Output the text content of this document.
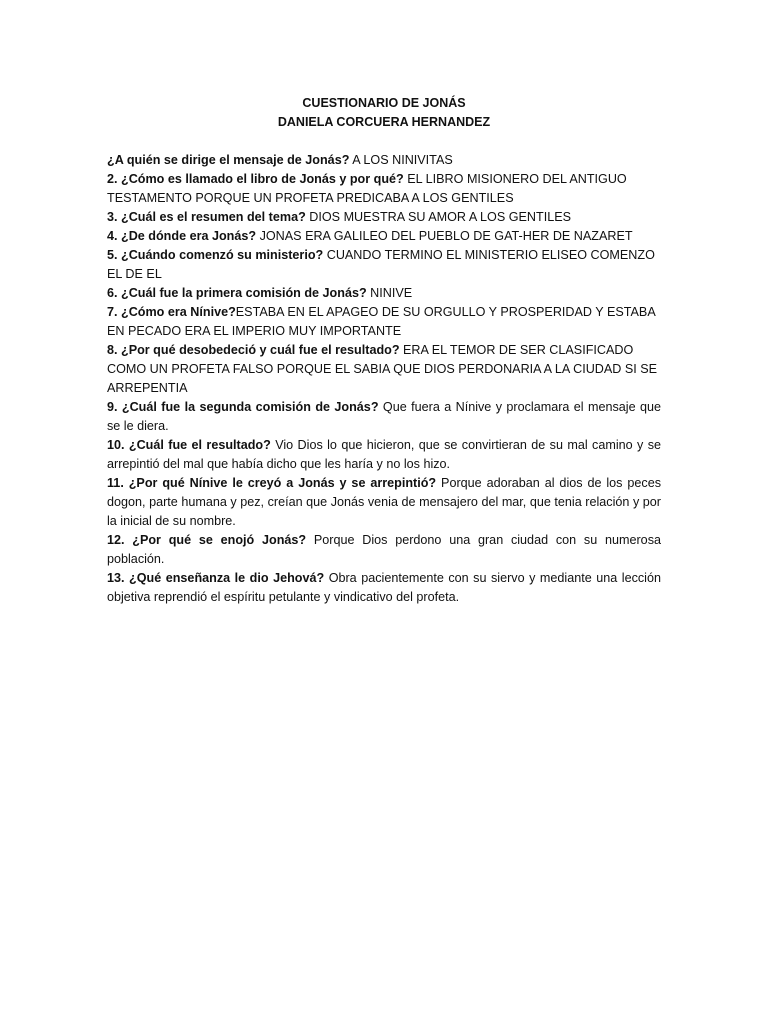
CUESTIONARIO DE JONÁS
DANIELA CORCUERA HERNANDEZ

¿A quién se dirige el mensaje de Jonás? A LOS NINIVITAS

2. ¿Cómo es llamado el libro de Jonás y por qué? EL LIBRO MISIONERO DEL ANTIGUO TESTAMENTO PORQUE UN PROFETA PREDICABA A LOS GENTILES

3. ¿Cuál es el resumen del tema? DIOS MUESTRA SU AMOR A LOS GENTILES

4. ¿De dónde era Jonás? JONAS ERA GALILEO DEL PUEBLO DE GAT-HER DE NAZARET

5. ¿Cuándo comenzó su ministerio? CUANDO TERMINO EL MINISTERIO ELISEO COMENZO EL DE EL

6. ¿Cuál fue la primera comisión de Jonás? NINIVE

7. ¿Cómo era Nínive?ESTABA EN EL APAGEO DE SU ORGULLO Y PROSPERIDAD Y ESTABA EN PECADO ERA EL IMPERIO MUY IMPORTANTE

8. ¿Por qué desobedeció y cuál fue el resultado? ERA EL TEMOR DE SER CLASIFICADO COMO UN PROFETA FALSO PORQUE EL SABIA QUE DIOS PERDONARIA A LA CIUDAD SI SE ARREPENTIA

9. ¿Cuál fue la segunda comisión de Jonás? Que fuera a Nínive y proclamara el mensaje que se le diera.

10. ¿Cuál fue el resultado? Vio Dios lo que hicieron, que se convirtieran de su mal camino y se arrepintió del mal que había dicho que les haría y no los hizo.

11. ¿Por qué Nínive le creyó a Jonás y se arrepintió? Porque adoraban al dios de los peces dogon, parte humana y pez, creían que Jonás venia de mensajero del mar, que tenia relación y por la inicial de su nombre.

12. ¿Por qué se enojó Jonás? Porque Dios perdono una gran ciudad con su numerosa población.

13. ¿Qué enseñanza le dio Jehová? Obra pacientemente con su siervo y mediante una lección objetiva reprendió el espíritu petulante y vindicativo del profeta.
